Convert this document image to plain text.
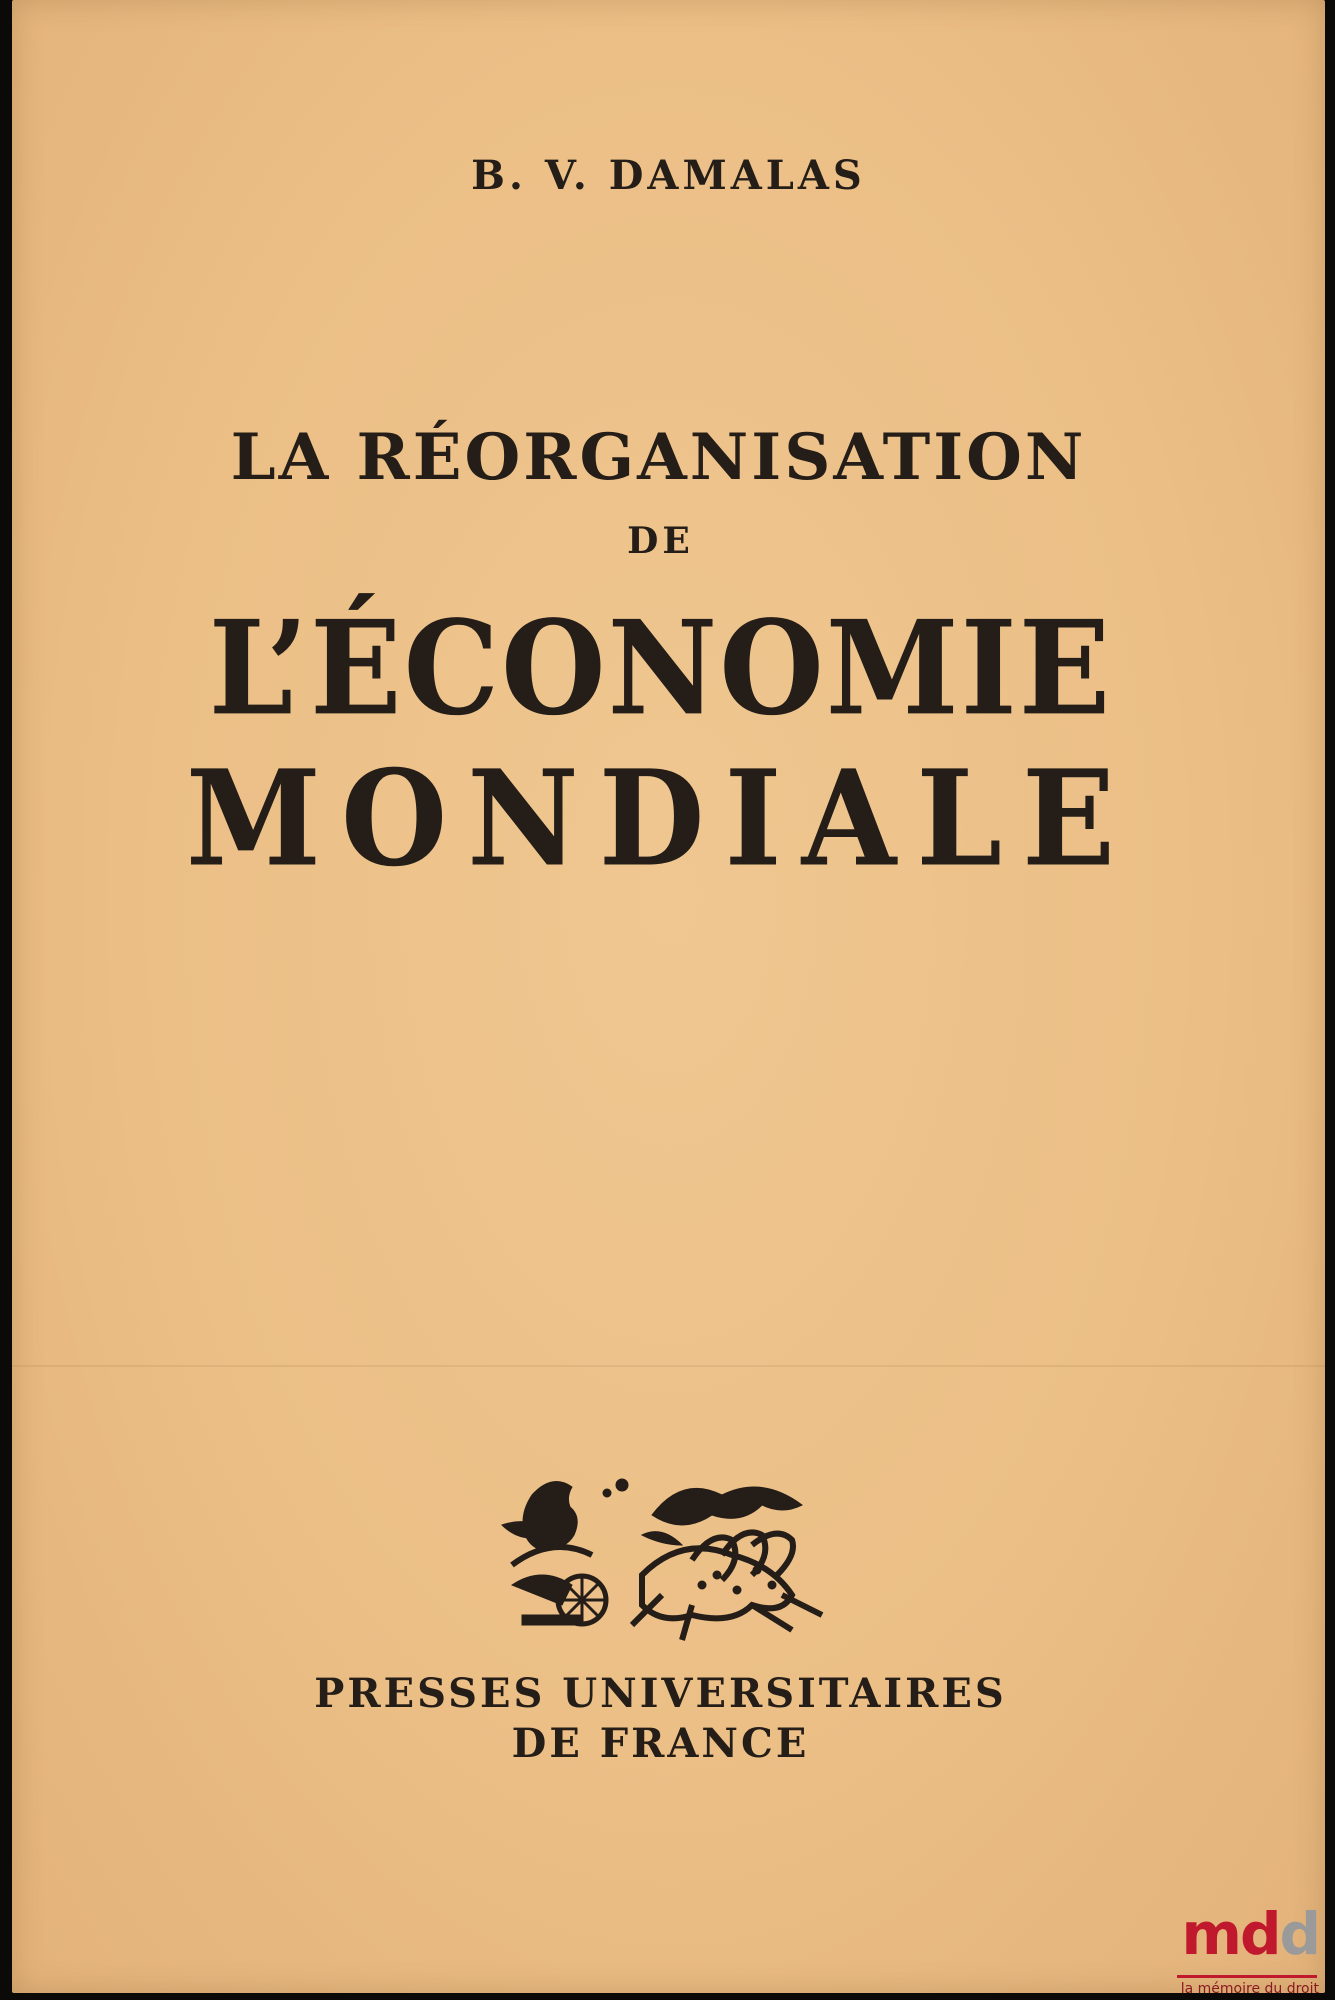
B. V. DAMALAS
LA RÉORGANISATION
DE
L’ÉCONOMIE
MONDIALE
PRESSES UNIVERSITAIRES
DE FRANCE
mdd
la mémoire du droit
